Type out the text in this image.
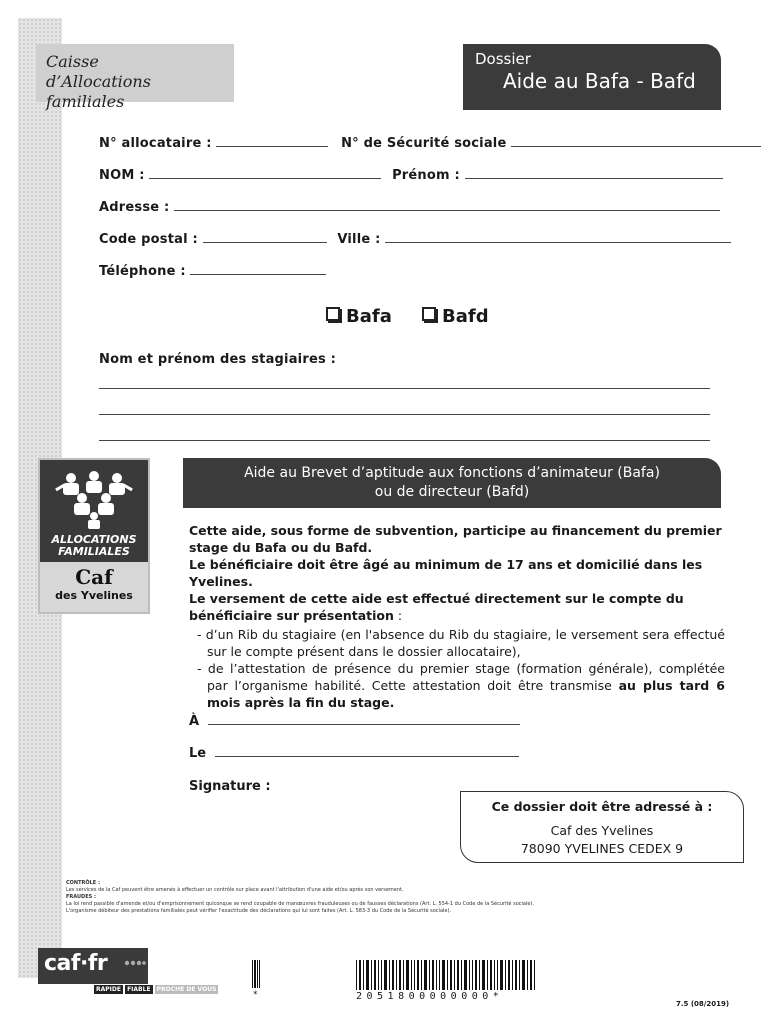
Caisse
d’Allocations familiales
Dossier
Aide au Bafa - Bafd
N° allocataire :	N° de Sécurité sociale
NOM :	Prénom :
Adresse :
Code postal :	Ville :
Téléphone :
Bafa	Bafd
Nom et prénom des stagiaires :
ALLOCATIONS
FAMILIALES
Caf
des Yvelines
Aide au Brevet d’aptitude aux fonctions d’animateur (Bafa)
ou de directeur (Bafd)
Cette aide, sous forme de subvention, participe au financement du premier stage du Bafa ou du Bafd.
Le bénéficiaire doit être âgé au minimum de 17 ans et domicilié dans les Yvelines.
Le versement de cette aide est effectué directement sur le compte du bénéficiaire sur présentation :
- d’un Rib du stagiaire (en l'absence du Rib du stagiaire, le versement sera effectué sur le compte présent dans le dossier allocataire),
- de l’attestation de présence du premier stage (formation générale), complétée par l’organisme habilité. Cette attestation doit être transmise au plus tard 6 mois après la fin du stage.
À
Le
Signature :
Ce dossier doit être adressé à :
Caf des Yvelines
78090 YVELINES CEDEX 9
CONTRÔLE :
Les services de la Caf peuvent être amenés à effectuer un contrôle sur place avant l'attribution d'une aide et/ou après son versement.
FRAUDES :
La loi rend passible d'amende et/ou d'emprisonnement quiconque se rend coupable de manœuvres frauduleuses ou de fausses déclarations (Art. L. 554-1 du Code de la Sécurité sociale).
L'organisme débiteur des prestations familiales peut vérifier l'exactitude des déclarations qui lui sont faites (Art. L. 583-3 du Code de la Sécurité sociale).
caf·fr
RAPIDE FIABLE PROCHE DE VOUS
*	2051800000000*
7.5 (08/2019)
